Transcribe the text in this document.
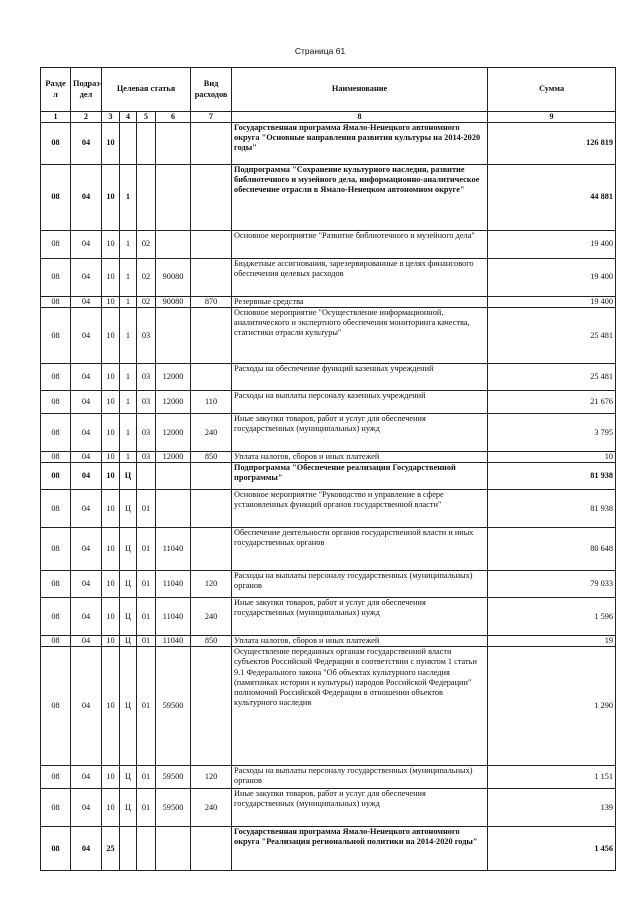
Страница 61
Разде л	Подраз- дел	Целевая статья				Вид расходов	Наименование	Сумма
1	2	3	4	5	6	7	8	9
08	04	10					Государственная программа Ямало-Ненецкого автономного округа "Основные направления развития культуры на 2014-2020 годы"	126 819
08	04	10	1				Подпрограмма "Сохранение культурного наследия, развитие библиотечного и музейного дела, информационно-аналитическое обеспечение отрасли в Ямало-Ненецком автономном округе"	44 881
08	04	10	1	02			Основное мероприятие "Развитие библиотечного и музейного дела"	19 400
08	04	10	1	02	90080		Бюджетные ассигнования, зарезервированные в целях финансового обеспечения целевых расходов	19 400
08	04	10	1	02	90080	870	Резервные средства	19 400
08	04	10	1	03			Основное мероприятие "Осуществление информационной, аналитического и экспертного обеспечения мониторинга качества, статистики отрасли культуры"	25 481
08	04	10	1	03	12000		Расходы на обеспечение функций казенных учреждений	25 481
08	04	10	1	03	12000	110	Расходы на выплаты персоналу казенных учреждений	21 676
08	04	10	1	03	12000	240	Иные закупки товаров, работ и услуг для обеспечения государственных (муниципальных) нужд	3 795
08	04	10	1	03	12000	850	Уплата налогов, сборов и иных платежей	10
08	04	10	Ц				Подпрограмма "Обеспечение реализации Государственной программы"	81 938
08	04	10	Ц	01			Основное мероприятие "Руководство и управление в сфере установленных функций органов государственной власти"	81 938
08	04	10	Ц	01	11040		Обеспечение деятельности органов государственной власти и иных государственных органов	80 648
08	04	10	Ц	01	11040	120	Расходы на выплаты персоналу государственных (муниципальных) органов	79 033
08	04	10	Ц	01	11040	240	Иные закупки товаров, работ и услуг для обеспечения государственных (муниципальных) нужд	1 596
08	04	10	Ц	01	11040	850	Уплата налогов, сборов и иных платежей	19
08	04	10	Ц	01	59500		Осуществление переданных органам государственной власти субъектов Российской Федерации в соответствии с пунктом 1 статьи 9.1 Федерального закона "Об объектах культурного наследия (памятниках истории и культуры) народов Российской Федерации" полномочий Российской Федерации в отношении объектов культурного наследия	1 290
08	04	10	Ц	01	59500	120	Расходы на выплаты персоналу государственных (муниципальных) органов	1 151
08	04	10	Ц	01	59500	240	Иные закупки товаров, работ и услуг для обеспечения государственных (муниципальных) нужд	139
08	04	25					Государственная программа Ямало-Ненецкого автономного округа "Реализация региональной политики на 2014-2020 годы"	1 456
